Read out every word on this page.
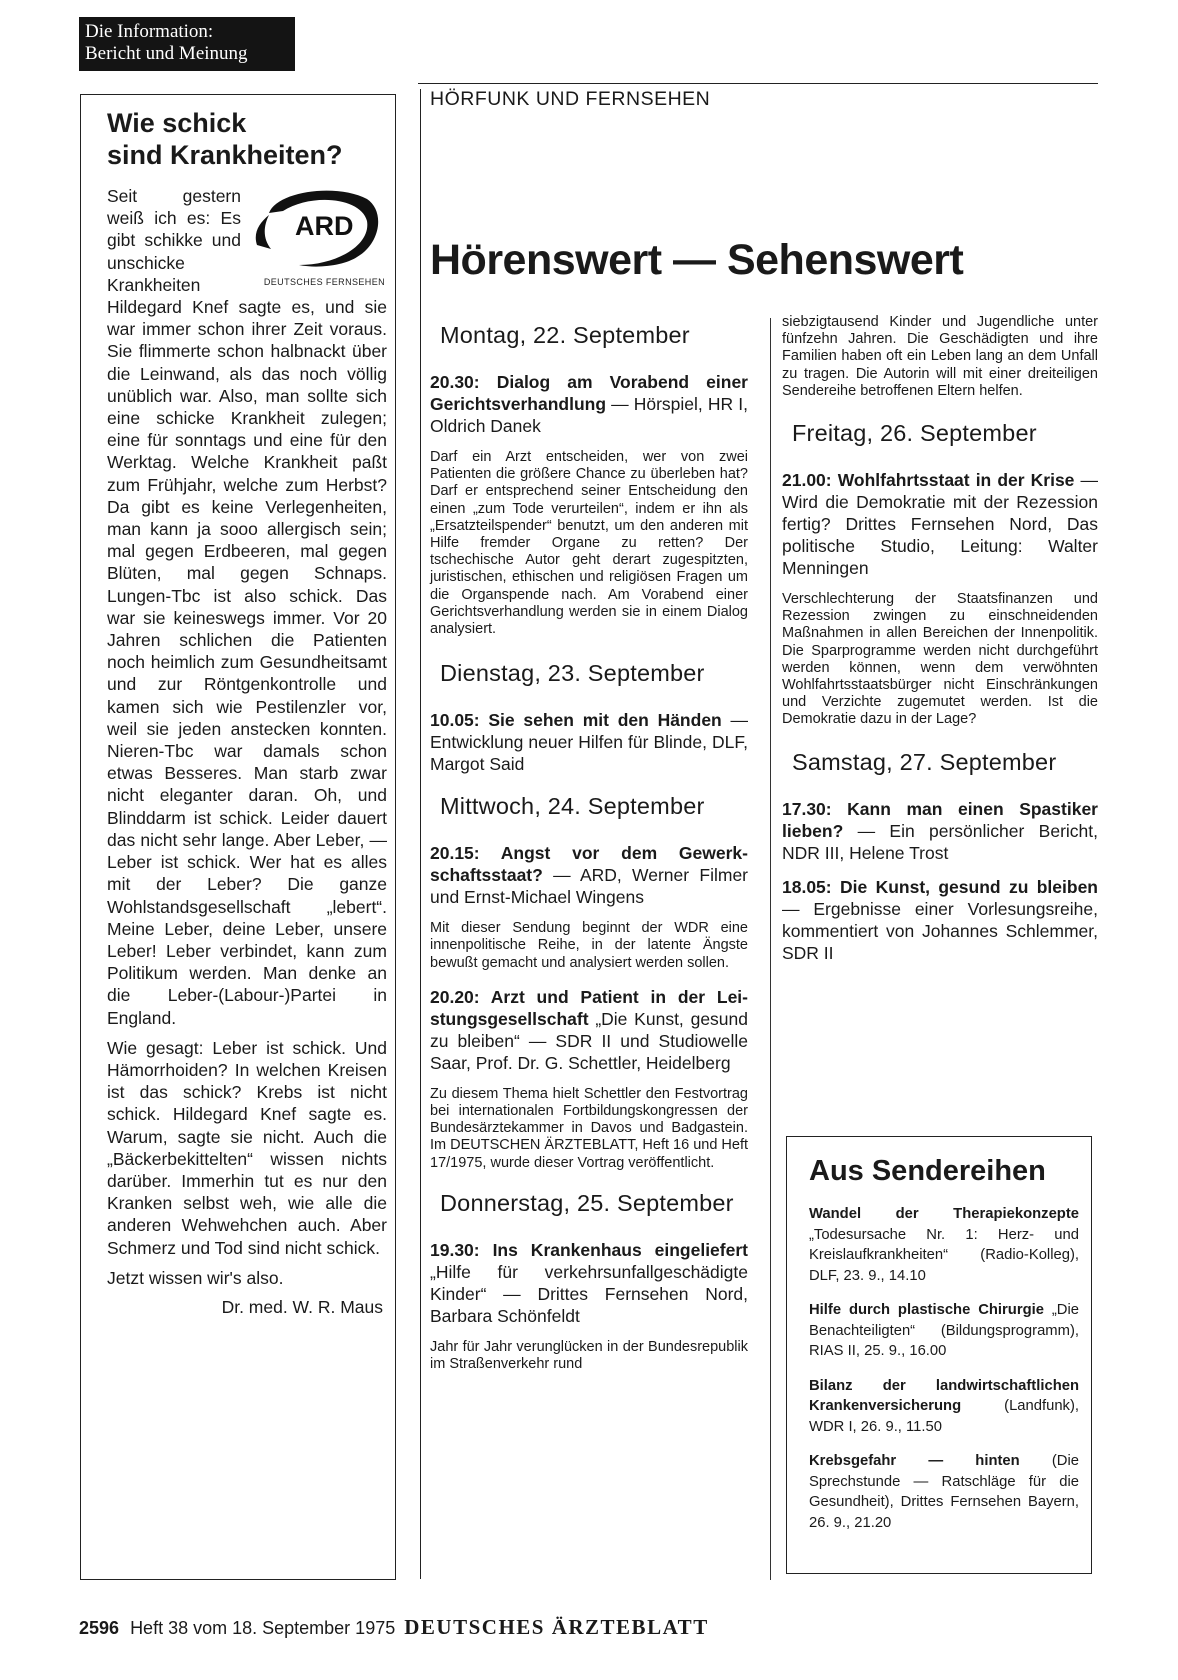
Die Information:
Bericht und Meinung
Wie schick
sind Krankheiten?
ARD
DEUTSCHES FERNSEHEN

Seit gestern weiß ich es: Es gibt schikke und unschicke Krankheiten Hildegard Knef sagte es, und sie war immer schon ihrer Zeit voraus. Sie flimmerte schon halbnackt über die Leinwand, als das noch völlig unüblich war. Also, man sollte sich eine schicke Krankheit zulegen; eine für sonntags und eine für den Werktag. Welche Krankheit paßt zum Frühjahr, welche zum Herbst? Da gibt es keine Verlegenheiten, man kann ja sooo allergisch sein; mal gegen Erdbeeren, mal gegen Blüten, mal gegen Schnaps. Lungen-Tbc ist also schick. Das war sie keineswegs immer. Vor 20 Jahren schlichen die Patienten noch heimlich zum Gesundheitsamt und zur Röntgenkontrolle und kamen sich wie Pestilenzler vor, weil sie jeden anstecken konnten. Nieren-Tbc war damals schon etwas Besseres. Man starb zwar nicht eleganter daran. Oh, und Blinddarm ist schick. Leider dauert das nicht sehr lange. Aber Leber, — Leber ist schick. Wer hat es alles mit der Leber? Die ganze Wohlstandsgesellschaft „lebert“. Meine Leber, deine Leber, unsere Leber! Leber verbindet, kann zum Politikum werden. Man denke an die Leber-(Labour-)Partei in England.

Wie gesagt: Leber ist schick. Und Hämorrhoiden? In welchen Kreisen ist das schick? Krebs ist nicht schick. Hildegard Knef sagte es. Warum, sagte sie nicht. Auch die „Bäckerbekittelten“ wissen nichts darüber. Immerhin tut es nur den Kranken selbst weh, wie alle die anderen Wehwehchen auch. Aber Schmerz und Tod sind nicht schick.

Jetzt wissen wir's also.

Dr. med. W. R. Maus
HÖRFUNK UND FERNSEHEN
Hörenswert — Sehenswert
Montag, 22. September
20.30: Dialog am Vorabend einer Gerichtsverhandlung — Hörspiel, HR I, Oldrich Danek
Darf ein Arzt entscheiden, wer von zwei Patienten die größere Chance zu überleben hat? Darf er entsprechend seiner Entscheidung den einen „zum Tode verurteilen“, indem er ihn als „Ersatzteilspender“ benutzt, um den anderen mit Hilfe fremder Organe zu retten? Der tschechische Autor geht derart zugespitzten, juristischen, ethischen und religiösen Fragen um die Organspende nach. Am Vorabend einer Gerichtsverhandlung werden sie in einem Dialog analysiert.
Dienstag, 23. September
10.05: Sie sehen mit den Händen — Entwicklung neuer Hilfen für Blinde, DLF, Margot Said
Mittwoch, 24. September
20.15: Angst vor dem Gewerkschaftsstaat? — ARD, Werner Filmer und Ernst-Michael Wingens
Mit dieser Sendung beginnt der WDR eine innenpolitische Reihe, in der latente Ängste bewußt gemacht und analysiert werden sollen.
20.20: Arzt und Patient in der Leistungsgesellschaft „Die Kunst, gesund zu bleiben“ — SDR II und Studiowelle Saar, Prof. Dr. G. Schettler, Heidelberg
Zu diesem Thema hielt Schettler den Festvortrag bei internationalen Fortbildungskongressen der Bundesärztekammer in Davos und Badgastein. Im DEUTSCHEN ÄRZTEBLATT, Heft 16 und Heft 17/1975, wurde dieser Vortrag veröffentlicht.
Donnerstag, 25. September
19.30: Ins Krankenhaus eingeliefert „Hilfe für verkehrsunfallgeschädigte Kinder“ — Drittes Fernsehen Nord, Barbara Schönfeldt
Jahr für Jahr verunglücken in der Bundesrepublik im Straßenverkehr rund
siebzigtausend Kinder und Jugendliche unter fünfzehn Jahren. Die Geschädigten und ihre Familien haben oft ein Leben lang an dem Unfall zu tragen. Die Autorin will mit einer dreiteiligen Sendereihe betroffenen Eltern helfen.
Freitag, 26. September
21.00: Wohlfahrtsstaat in der Krise — Wird die Demokratie mit der Rezession fertig? Drittes Fernsehen Nord, Das politische Studio, Leitung: Walter Menningen
Verschlechterung der Staatsfinanzen und Rezession zwingen zu einschneidenden Maßnahmen in allen Bereichen der Innenpolitik. Die Sparprogramme werden nicht durchgeführt werden können, wenn dem verwöhnten Wohlfahrtsstaatsbürger nicht Einschränkungen und Verzichte zugemutet werden. Ist die Demokratie dazu in der Lage?
Samstag, 27. September
17.30: Kann man einen Spastiker lieben? — Ein persönlicher Bericht, NDR III, Helene Trost
18.05: Die Kunst, gesund zu bleiben — Ergebnisse einer Vorlesungsreihe, kommentiert von Johannes Schlemmer, SDR II
Aus Sendereihen
Wandel der Therapiekonzepte „Todesursache Nr. 1: Herz- und Kreislaufkrankheiten“ (Radio-Kolleg), DLF, 23. 9., 14.10
Hilfe durch plastische Chirurgie „Die Benachteiligten“ (Bildungsprogramm), RIAS II, 25. 9., 16.00
Bilanz der landwirtschaftlichen Krankenversicherung (Landfunk), WDR I, 26. 9., 11.50
Krebsgefahr — hinten (Die Sprechstunde — Ratschläge für die Gesundheit), Drittes Fernsehen Bayern, 26. 9., 21.20
2596 Heft 38 vom 18. September 1975 DEUTSCHES ÄRZTEBLATT
